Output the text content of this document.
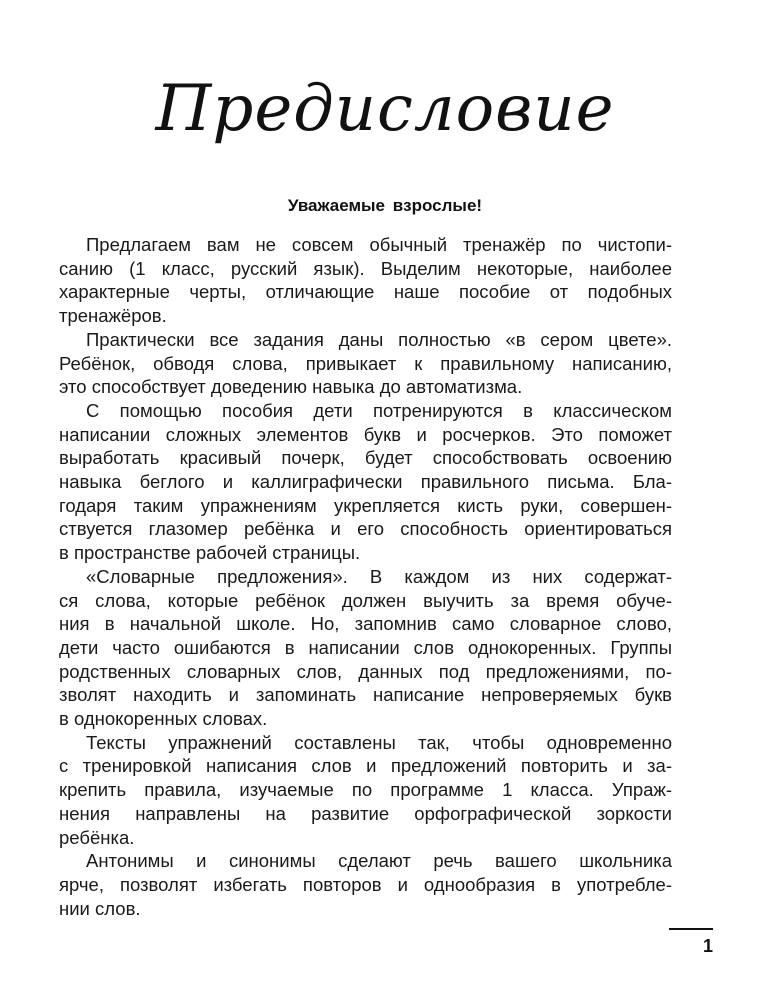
Предисловие

Уважаемые взрослые!

Предлагаем вам не совсем обычный тренажёр по чистопи-
санию (1 класс, русский язык). Выделим некоторые, наиболее
характерные черты, отличающие наше пособие от подобных
тренажёров.
Практически все задания даны полностью «в сером цвете».
Ребёнок, обводя слова, привыкает к правильному написанию,
это способствует доведению навыка до автоматизма.
С помощью пособия дети потренируются в классическом
написании сложных элементов букв и росчерков. Это поможет
выработать красивый почерк, будет способствовать освоению
навыка беглого и каллиграфически правильного письма. Бла-
годаря таким упражнениям укрепляется кисть руки, совершен-
ствуется глазомер ребёнка и его способность ориентироваться
в пространстве рабочей страницы.
«Словарные предложения». В каждом из них содержат-
ся слова, которые ребёнок должен выучить за время обуче-
ния в начальной школе. Но, запомнив само словарное слово,
дети часто ошибаются в написании слов однокоренных. Группы
родственных словарных слов, данных под предложениями, по-
зволят находить и запоминать написание непроверяемых букв
в однокоренных словах.
Тексты упражнений составлены так, чтобы одновременно
с тренировкой написания слов и предложений повторить и за-
крепить правила, изучаемые по программе 1 класса. Упраж-
нения направлены на развитие орфографической зоркости
ребёнка.
Антонимы и синонимы сделают речь вашего школьника
ярче, позволят избегать повторов и однообразия в употребле-
нии слов.
1
